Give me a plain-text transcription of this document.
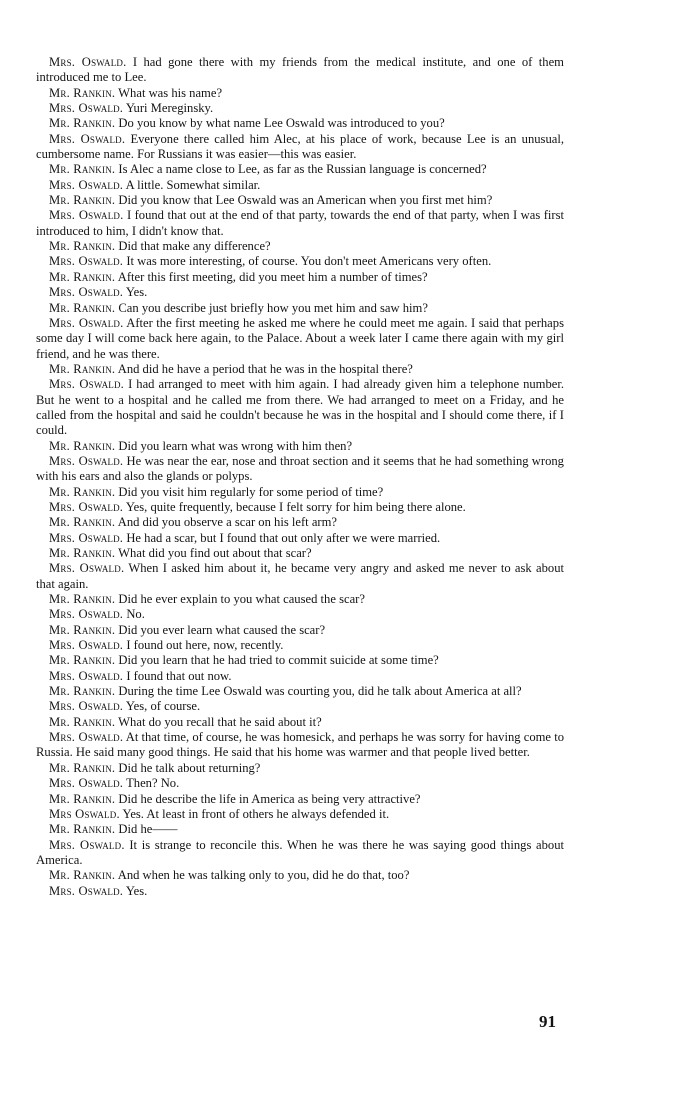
Mrs. Oswald. I had gone there with my friends from the medical institute, and one of them introduced me to Lee.

Mr. Rankin. What was his name?

Mrs. Oswald. Yuri Mereginsky.

Mr. Rankin. Do you know by what name Lee Oswald was introduced to you?

Mrs. Oswald. Everyone there called him Alec, at his place of work, because Lee is an unusual, cumbersome name. For Russians it was easier—this was easier.

Mr. Rankin. Is Alec a name close to Lee, as far as the Russian language is concerned?

Mrs. Oswald. A little. Somewhat similar.

Mr. Rankin. Did you know that Lee Oswald was an American when you first met him?

Mrs. Oswald. I found that out at the end of that party, towards the end of that party, when I was first introduced to him, I didn't know that.

Mr. Rankin. Did that make any difference?

Mrs. Oswald. It was more interesting, of course. You don't meet Americans very often.

Mr. Rankin. After this first meeting, did you meet him a number of times?

Mrs. Oswald. Yes.

Mr. Rankin. Can you describe just briefly how you met him and saw him?

Mrs. Oswald. After the first meeting he asked me where he could meet me again. I said that perhaps some day I will come back here again, to the Palace. About a week later I came there again with my girl friend, and he was there.

Mr. Rankin. And did he have a period that he was in the hospital there?

Mrs. Oswald. I had arranged to meet with him again. I had already given him a telephone number. But he went to a hospital and he called me from there. We had arranged to meet on a Friday, and he called from the hospital and said he couldn't because he was in the hospital and I should come there, if I could.

Mr. Rankin. Did you learn what was wrong with him then?

Mrs. Oswald. He was near the ear, nose and throat section and it seems that he had something wrong with his ears and also the glands or polyps.

Mr. Rankin. Did you visit him regularly for some period of time?

Mrs. Oswald. Yes, quite frequently, because I felt sorry for him being there alone.

Mr. Rankin. And did you observe a scar on his left arm?

Mrs. Oswald. He had a scar, but I found that out only after we were married.

Mr. Rankin. What did you find out about that scar?

Mrs. Oswald. When I asked him about it, he became very angry and asked me never to ask about that again.

Mr. Rankin. Did he ever explain to you what caused the scar?

Mrs. Oswald. No.

Mr. Rankin. Did you ever learn what caused the scar?

Mrs. Oswald. I found out here, now, recently.

Mr. Rankin. Did you learn that he had tried to commit suicide at some time?

Mrs. Oswald. I found that out now.

Mr. Rankin. During the time Lee Oswald was courting you, did he talk about America at all?

Mrs. Oswald. Yes, of course.

Mr. Rankin. What do you recall that he said about it?

Mrs. Oswald. At that time, of course, he was homesick, and perhaps he was sorry for having come to Russia. He said many good things. He said that his home was warmer and that people lived better.

Mr. Rankin. Did he talk about returning?

Mrs. Oswald. Then? No.

Mr. Rankin. Did he describe the life in America as being very attractive?

Mrs Oswald. Yes. At least in front of others he always defended it.

Mr. Rankin. Did he——

Mrs. Oswald. It is strange to reconcile this. When he was there he was saying good things about America.

Mr. Rankin. And when he was talking only to you, did he do that, too?

Mrs. Oswald. Yes.

91
